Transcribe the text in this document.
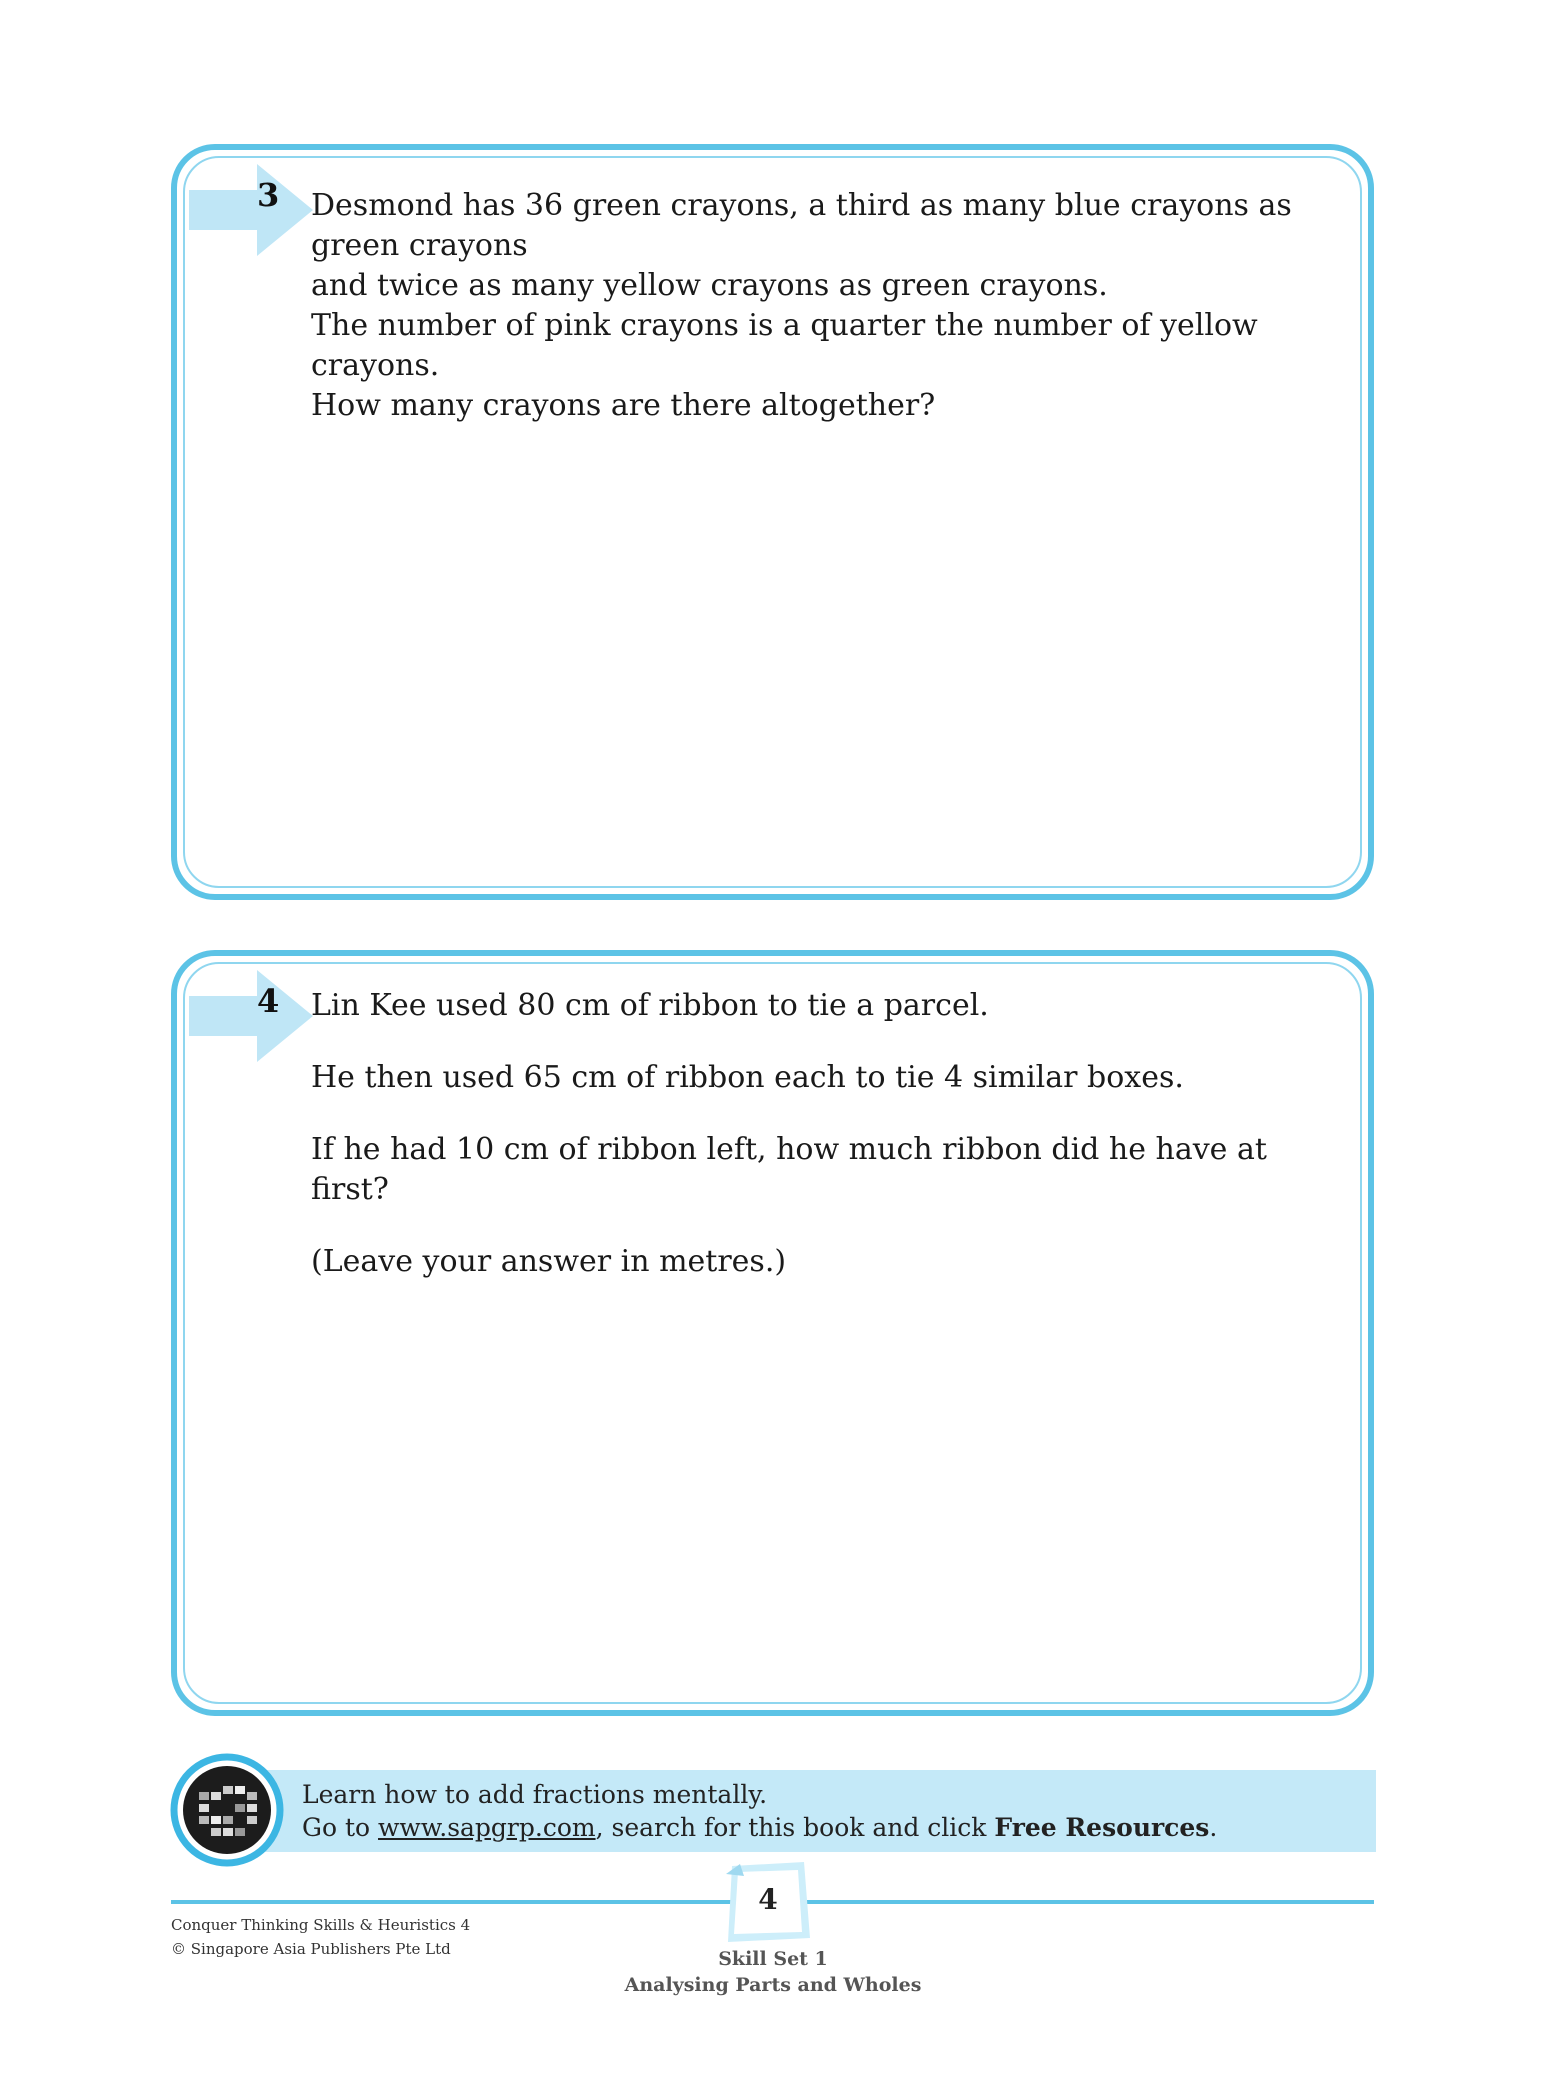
3 Desmond has 36 green crayons, a third as many blue crayons as green crayons
and twice as many yellow crayons as green crayons.
The number of pink crayons is a quarter the number of yellow crayons.
How many crayons are there altogether?
4 Lin Kee used 80 cm of ribbon to tie a parcel.

He then used 65 cm of ribbon each to tie 4 similar boxes.

If he had 10 cm of ribbon left, how much ribbon did he have at first?

(Leave your answer in metres.)

Learn how to add fractions mentally.
Go to www.sapgrp.com, search for this book and click Free Resources.
4
Conquer Thinking Skills & Heuristics 4
© Singapore Asia Publishers Pte Ltd	Skill Set 1
Analysing Parts and Wholes
